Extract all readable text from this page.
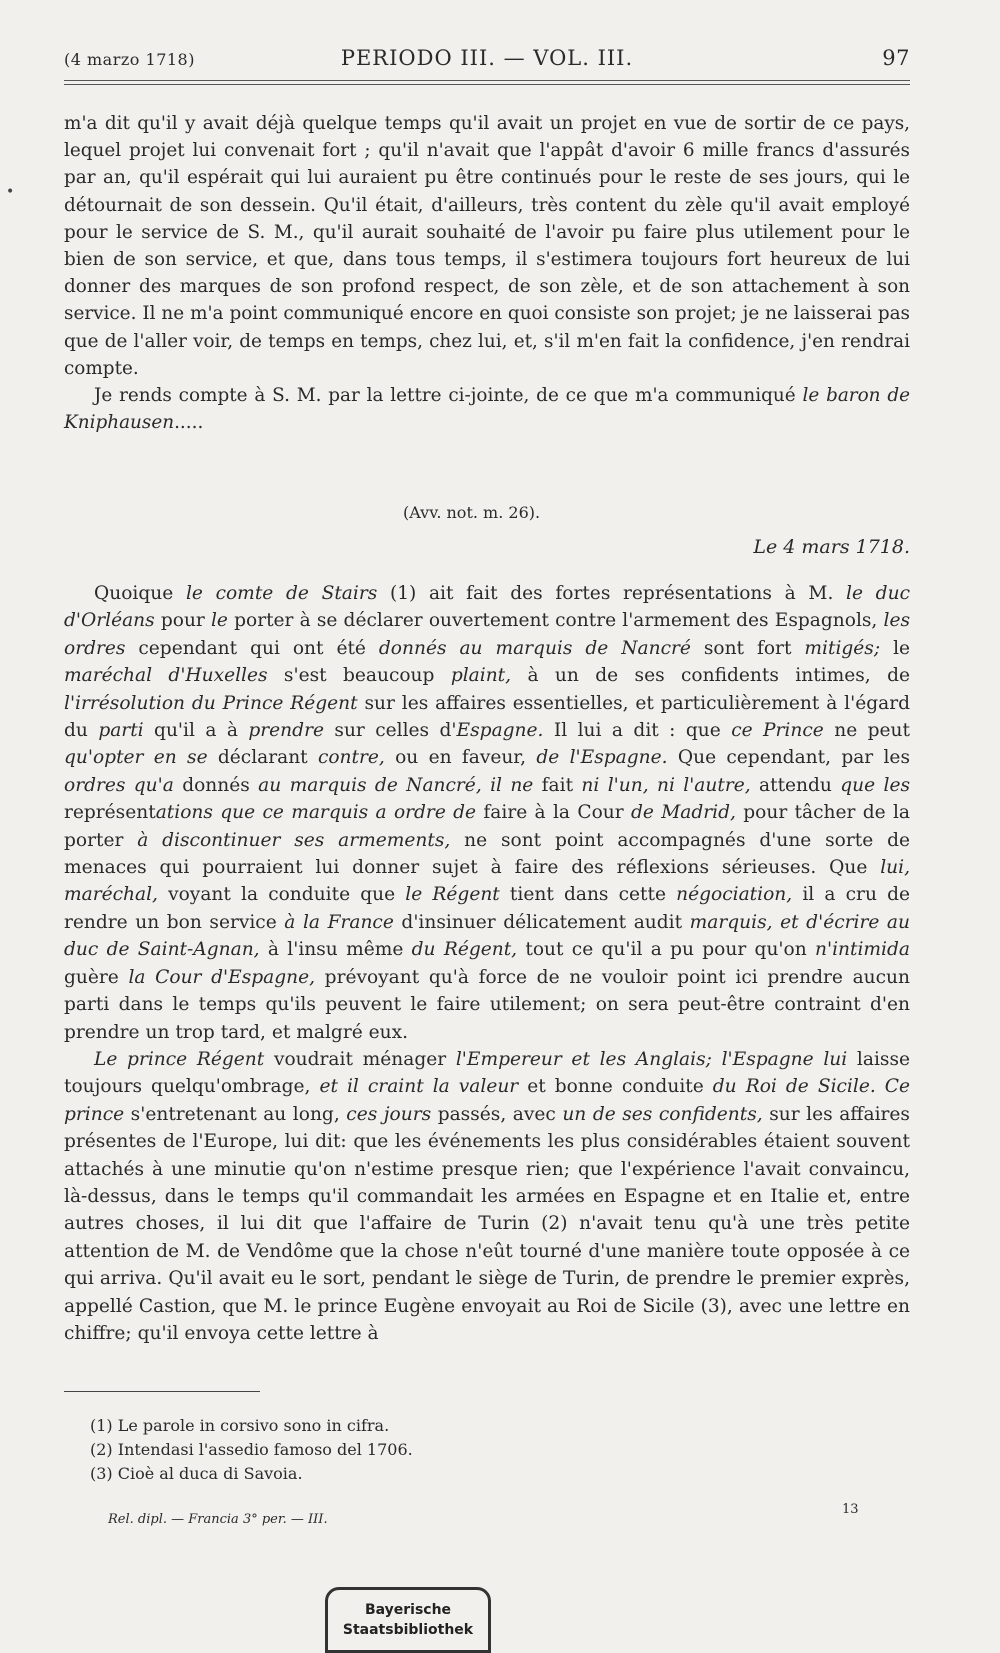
(4 marzo 1718)	PERIODO III. — VOL. III.	97
•

m'a dit qu'il y avait déjà quelque temps qu'il avait un projet en vue de sortir de ce pays, lequel projet lui convenait fort ; qu'il n'avait que l'appât d'avoir 6 mille francs d'assurés par an, qu'il espérait qui lui auraient pu être continués pour le reste de ses jours, qui le détournait de son dessein. Qu'il était, d'ailleurs, très content du zèle qu'il avait employé pour le service de S. M., qu'il aurait souhaité de l'avoir pu faire plus utilement pour le bien de son service, et que, dans tous temps, il s'estimera toujours fort heureux de lui donner des marques de son profond respect, de son zèle, et de son attachement à son service. Il ne m'a point communiqué encore en quoi consiste son projet; je ne laisserai pas que de l'aller voir, de temps en temps, chez lui, et, s'il m'en fait la confidence, j'en rendrai compte.

Je rends compte à S. M. par la lettre ci-jointe, de ce que m'a communiqué le baron de Kniphausen.....

(Avv. not. m. 26).
Le 4 mars 1718.

Quoique le comte de Stairs (1) ait fait des fortes représentations à M. le duc d'Orléans pour le porter à se déclarer ouvertement contre l'armement des Espagnols, les ordres cependant qui ont été donnés au marquis de Nancré sont fort mitigés; le maréchal d'Huxelles s'est beaucoup plaint, à un de ses confidents intimes, de l'irrésolution du Prince Régent sur les affaires essentielles, et particulièrement à l'égard du parti qu'il a à prendre sur celles d'Espagne. Il lui a dit : que ce Prince ne peut qu'opter en se déclarant contre, ou en faveur, de l'Espagne. Que cependant, par les ordres qu'a donnés au marquis de Nancré, il ne fait ni l'un, ni l'autre, attendu que les représentations que ce marquis a ordre de faire à la Cour de Madrid, pour tâcher de la porter à discontinuer ses armements, ne sont point accompagnés d'une sorte de menaces qui pourraient lui donner sujet à faire des réflexions sérieuses. Que lui, maréchal, voyant la conduite que le Régent tient dans cette négociation, il a cru de rendre un bon service à la France d'insinuer délicatement audit marquis, et d'écrire au duc de Saint-Agnan, à l'insu même du Régent, tout ce qu'il a pu pour qu'on n'intimida guère la Cour d'Espagne, prévoyant qu'à force de ne vouloir point ici prendre aucun parti dans le temps qu'ils peuvent le faire utilement; on sera peut-être contraint d'en prendre un trop tard, et malgré eux.

Le prince Régent voudrait ménager l'Empereur et les Anglais; l'Espagne lui laisse toujours quelqu'ombrage, et il craint la valeur et bonne conduite du Roi de Sicile. Ce prince s'entretenant au long, ces jours passés, avec un de ses confidents, sur les affaires présentes de l'Europe, lui dit: que les événements les plus considérables étaient souvent attachés à une minutie qu'on n'estime presque rien; que l'expérience l'avait convaincu, là-dessus, dans le temps qu'il commandait les armées en Espagne et en Italie et, entre autres choses, il lui dit que l'affaire de Turin (2) n'avait tenu qu'à une très petite attention de M. de Vendôme que la chose n'eût tourné d'une manière toute opposée à ce qui arriva. Qu'il avait eu le sort, pendant le siège de Turin, de prendre le premier exprès, appellé Castion, que M. le prince Eugène envoyait au Roi de Sicile (3), avec une lettre en chiffre; qu'il envoya cette lettre à

(1) Le parole in corsivo sono in cifra.
(2) Intendasi l'assedio famoso del 1706.
(3) Cioè al duca di Savoia.
Rel. dipl. — Francia 3° per. — III.
13
Bayerische
Staatsbibliothek
